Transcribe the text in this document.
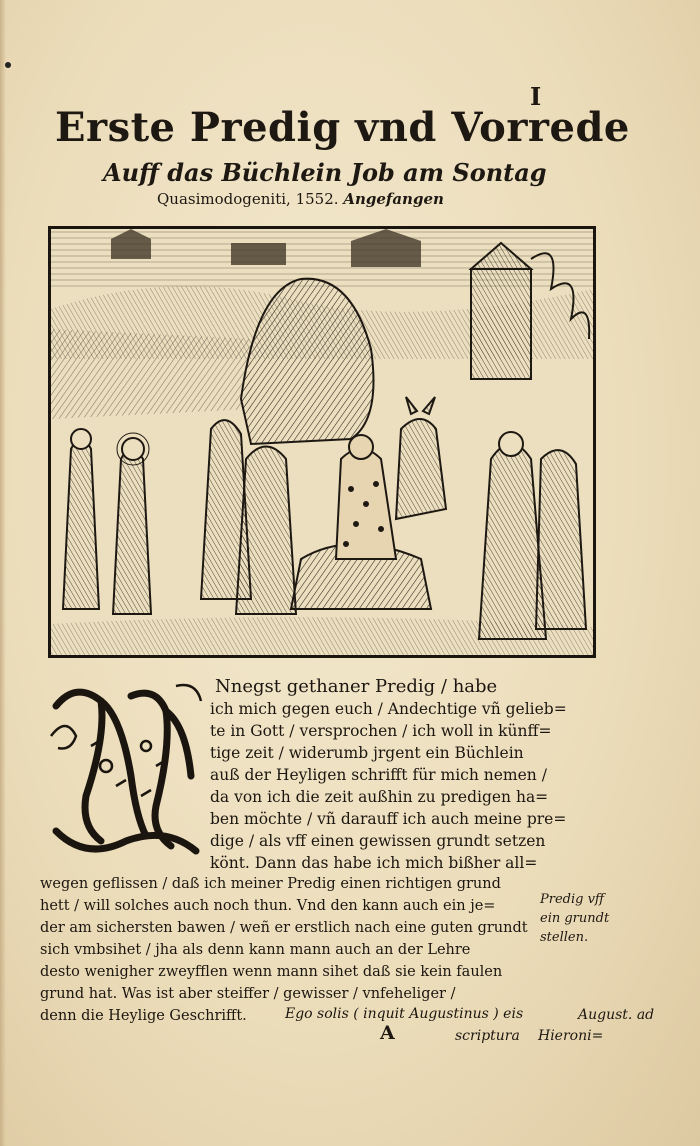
I
Erste Predig vnd Vorrede
Auff das Büchlein Job am Sontag
Quasimodogeniti, 1552. Angefangen
Nnegst gethaner Predig / habe
ich mich gegen euch / Andechtige vñ gelieb=
te in Gott / versprochen / ich woll in künff=
tige zeit / widerumb jrgent ein Büchlein
auß der Heyligen schrifft für mich nemen /
da von ich die zeit außhin zu predigen ha=
ben möchte / vñ darauff ich auch meine pre=
dige / als vff einen gewissen grundt setzen
könt. Dann das habe ich mich bißher all=
wegen geflissen / daß ich meiner Predig einen richtigen grund
hett / will solches auch noch thun. Vnd den kann auch ein je=
der am sichersten bawen / weñ er erstlich nach eine guten grundt
sich vmbsihet / jha als denn kann mann auch an der Lehre
desto wenigher zweyfflen wenn mann sihet daß sie kein faulen
grund hat. Was ist aber steiffer / gewisser / vnfeheliger /
denn die Heylige Geschrifft.	Ego solis ( inquit Augustinus ) eis
scriptura
Predig vff
ein grundt
stellen.
August. ad
Hieroni=
A
